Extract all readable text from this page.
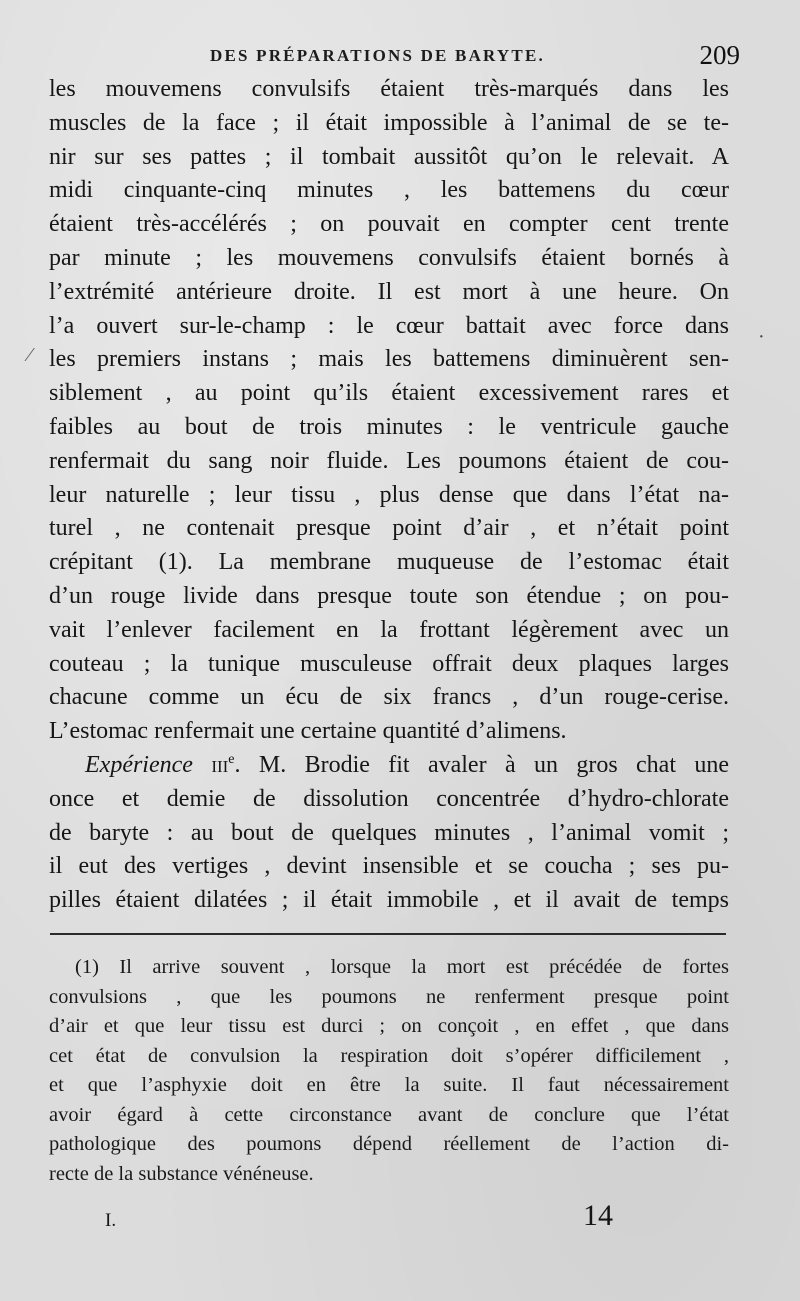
DES PRÉPARATIONS DE BARYTE.	209
⁄
·
les mouvemens convulsifs étaient très-marqués dans les
muscles de la face ; il était impossible à l’animal de se te-
nir sur ses pattes ; il tombait aussitôt qu’on le relevait. A
midi cinquante-cinq minutes , les battemens du cœur
étaient très-accélérés ; on pouvait en compter cent trente
par minute ; les mouvemens convulsifs étaient bornés à
l’extrémité antérieure droite. Il est mort à une heure. On
l’a ouvert sur-le-champ : le cœur battait avec force dans
les premiers instans ; mais les battemens diminuèrent sen-
siblement , au point qu’ils étaient excessivement rares et
faibles au bout de trois minutes : le ventricule gauche
renfermait du sang noir fluide. Les poumons étaient de cou-
leur naturelle ; leur tissu , plus dense que dans l’état na-
turel , ne contenait presque point d’air , et n’était point
crépitant (1). La membrane muqueuse de l’estomac était
d’un rouge livide dans presque toute son étendue ; on pou-
vait l’enlever facilement en la frottant légèrement avec un
couteau ; la tunique musculeuse offrait deux plaques larges
chacune comme un écu de six francs , d’un rouge-cerise.
L’estomac renfermait une certaine quantité d’alimens.
Expérience iii$^e$. M. Brodie fit avaler à un gros chat une
once et demie de dissolution concentrée d’hydro-chlorate
de baryte : au bout de quelques minutes , l’animal vomit ;
il eut des vertiges , devint insensible et se coucha ; ses pu-
pilles étaient dilatées ; il était immobile , et il avait de temps
(1) Il arrive souvent , lorsque la mort est précédée de fortes
convulsions , que les poumons ne renferment presque point
d’air et que leur tissu est durci ; on conçoit , en effet , que dans
cet état de convulsion la respiration doit s’opérer difficilement ,
et que l’asphyxie doit en être la suite. Il faut nécessairement
avoir égard à cette circonstance avant de conclure que l’état
pathologique des poumons dépend réellement de l’action di-
recte de la substance vénéneuse.
I.	14
